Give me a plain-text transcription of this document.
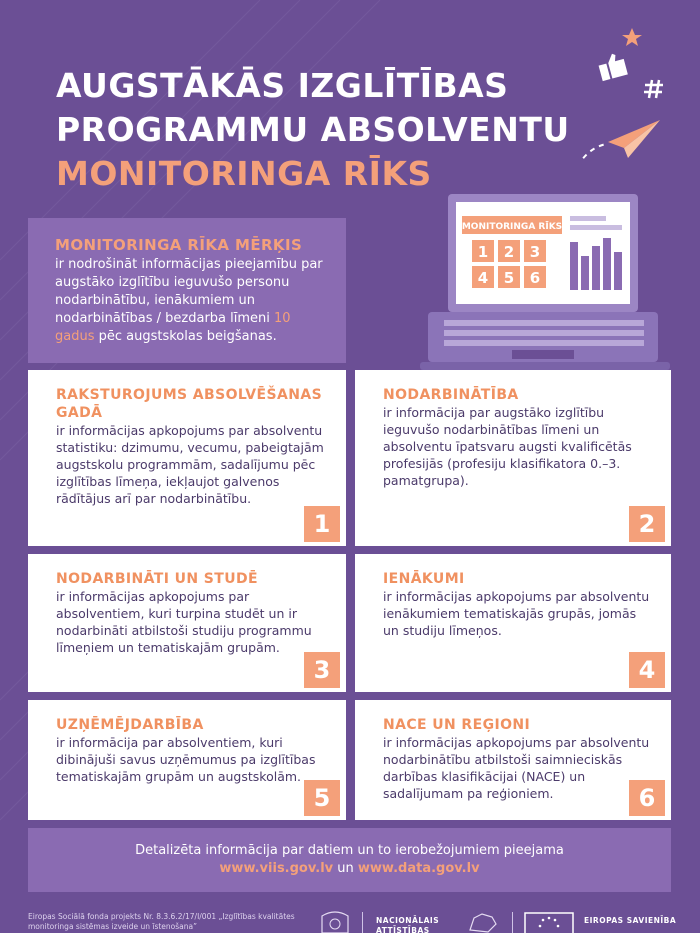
AUGSTĀKĀS IZGLĪTĪBAS
PROGRAMMU ABSOLVENTU
MONITORINGA RĪKS
MONITORINGA RĪKA MĒRĶIS

ir nodrošināt informācijas pieejamību par augstāko izglītību ieguvušo personu nodarbinātību, ienākumiem un nodarbinātības / bezdarba līmeni 10 gadus pēc augstskolas beigšanas.

MONITORINGA RĪKS
1 2 3
4 5 6
RAKSTUROJUMS ABSOLVĒŠANAS GADĀ

ir informācijas apkopojums par absolventu statistiku: dzimumu, vecumu, pabeigtajām augstskolu programmām, sadalījumu pēc izglītības līmeņa, iekļaujot galvenos rādītājus arī par nodarbinātību.

1
NODARBINĀTĪBA

ir informācija par augstāko izglītību ieguvušo nodarbinātības līmeni un absolventu īpatsvaru augsti kvalificētās profesijās (profesiju klasifikatora 0.–3. pamatgrupa).

2
NODARBINĀTI UN STUDĒ

ir informācijas apkopojums par absolventiem, kuri turpina studēt un ir nodarbināti atbilstoši studiju programmu līmeņiem un tematiskajām grupām.

3
IENĀKUMI

ir informācijas apkopojums par absolventu ienākumiem tematiskajās grupās, jomās un studiju līmeņos.

4
UZŅĒMĒJDARBĪBA

ir informācija par absolventiem, kuri dibinājuši savus uzņēmumus pa izglītības tematiskajām grupām un augstskolām.

5
NACE UN REĢIONI

ir informācijas apkopojums par absolventu nodarbinātību atbilstoši saimnieciskās darbības klasifikācijai (NACE) un sadalījumam pa reģioniem.	6

Detalizēta informācija par datiem un to ierobežojumiem pieejama

www.viis.gov.lv un www.data.gov.lv

Eiropas Sociālā fonda projekts Nr. 8.3.6.2/17/I/001 „Izglītības kvalitātes monitoringa sistēmas izveide un īstenošana”
NACIONĀLAIS ATTĪSTĪBAS
EIROPAS SAVIENĪBA
